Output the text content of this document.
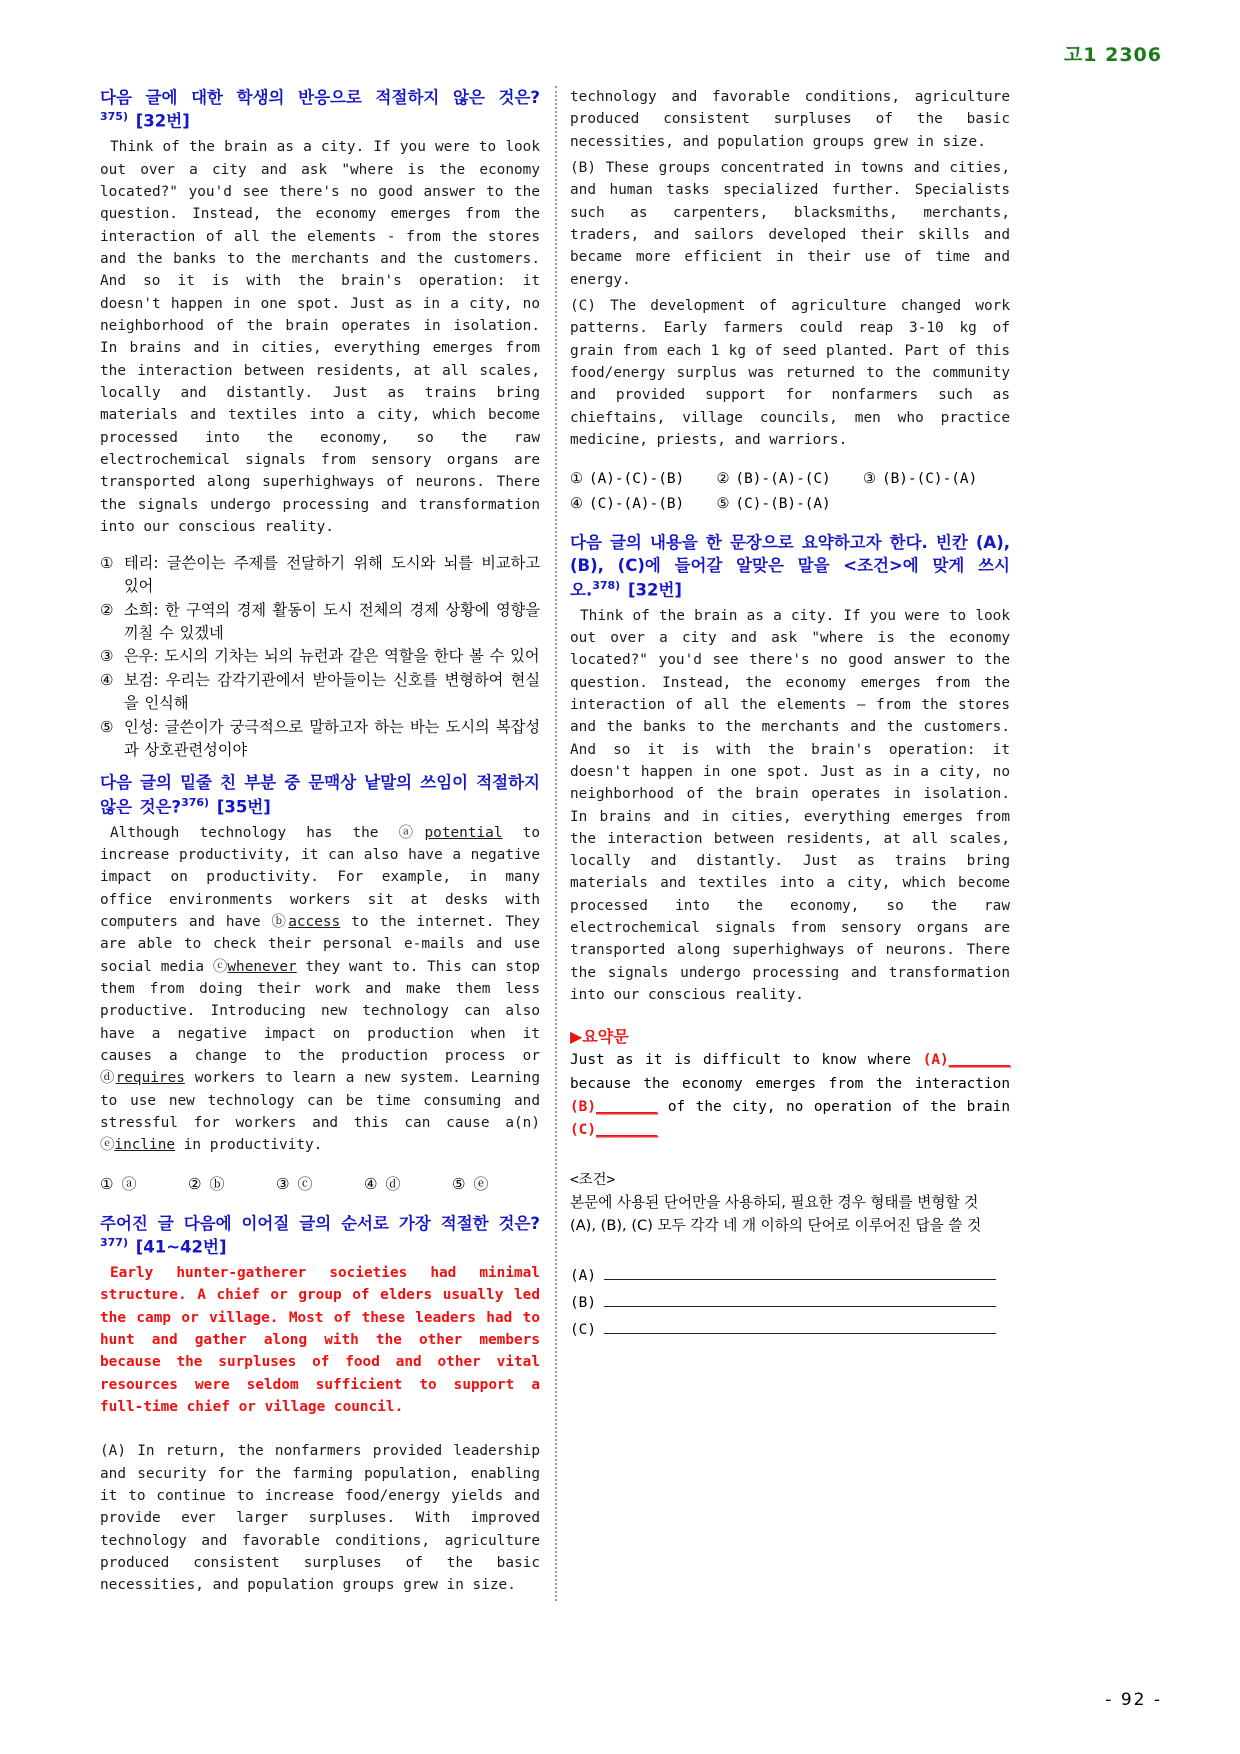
고1 2306
다음 글에 대한 학생의 반응으로 적절하지 않은 것은?$^{375)}$ [32번]

Think of the brain as a city. If you were to look out over a city and ask "where is the economy located?" you'd see there's no good answer to the question. Instead, the economy emerges from the interaction of all the elements - from the stores and the banks to the merchants and the customers. And so it is with the brain's operation: it doesn't happen in one spot. Just as in a city, no neighborhood of the brain operates in isolation. In brains and in cities, everything emerges from the interaction between residents, at all scales, locally and distantly. Just as trains bring materials and textiles into a city, which become processed into the economy, so the raw electrochemical signals from sensory organs are transported along superhighways of neurons. There the signals undergo processing and transformation into our conscious reality.

① 테리: 글쓴이는 주제를 전달하기 위해 도시와 뇌를 비교하고 있어
② 소희: 한 구역의 경제 활동이 도시 전체의 경제 상황에 영향을 끼칠 수 있겠네
③ 은우: 도시의 기차는 뇌의 뉴런과 같은 역할을 한다 볼 수 있어
④ 보검: 우리는 감각기관에서 받아들이는 신호를 변형하여 현실을 인식해
⑤ 인성: 글쓴이가 궁극적으로 말하고자 하는 바는 도시의 복잡성과 상호관련성이야
다음 글의 밑줄 친 부분 중 문맥상 낱말의 쓰임이 적절하지 않은 것은?$^{376)}$ [35번]

Although technology has the ⓐpotential to increase productivity, it can also have a negative impact on productivity. For example, in many office environments workers sit at desks with computers and have ⓑaccess to the internet. They are able to check their personal e-mails and use social media ⓒwhenever they want to. This can stop them from doing their work and make them less productive. Introducing new technology can also have a negative impact on production when it causes a change to the production process or ⓓrequires workers to learn a new system. Learning to use new technology can be time consuming and stressful for workers and this can cause a(n) ⓔincline in productivity.

① ⓐ	② ⓑ	③ ⓒ	④ ⓓ	⑤ ⓔ
주어진 글 다음에 이어질 글의 순서로 가장 적절한 것은?$^{377)}$ [41~42번]

Early hunter-gatherer societies had minimal structure. A chief or group of elders usually led the camp or village. Most of these leaders had to hunt and gather along with the other members because the surpluses of food and other vital resources were seldom sufficient to support a full-time chief or village council.

(A) In return, the nonfarmers provided leadership and security for the farming population, enabling it to continue to increase food/energy yields and provide ever larger surpluses. With improved technology and favorable conditions, agriculture produced consistent surpluses of the basic necessities, and population groups grew in size.

technology and favorable conditions, agriculture produced consistent surpluses of the basic necessities, and population groups grew in size.

(B) These groups concentrated in towns and cities, and human tasks specialized further. Specialists such as carpenters, blacksmiths, merchants, traders, and sailors developed their skills and became more efficient in their use of time and energy.

(C) The development of agriculture changed work patterns. Early farmers could reap 3-10 kg of grain from each 1 kg of seed planted. Part of this food/energy surplus was returned to the community and provided support for nonfarmers such as chieftains, village councils, men who practice medicine, priests, and warriors.

① (A)-(C)-(B)	② (B)-(A)-(C)	③ (B)-(C)-(A)
④ (C)-(A)-(B)	⑤ (C)-(B)-(A)
다음 글의 내용을 한 문장으로 요약하고자 한다. 빈칸 (A), (B), (C)에 들어갈 알맞은 말을 <조건>에 맞게 쓰시오.$^{378)}$ [32번]

Think of the brain as a city. If you were to look out over a city and ask "where is the economy located?" you'd see there's no good answer to the question. Instead, the economy emerges from the interaction of all the elements — from the stores and the banks to the merchants and the customers. And so it is with the brain's operation: it doesn't happen in one spot. Just as in a city, no neighborhood of the brain operates in isolation. In brains and in cities, everything emerges from the interaction between residents, at all scales, locally and distantly. Just as trains bring materials and textiles into a city, which become processed into the economy, so the raw electrochemical signals from sensory organs are transported along superhighways of neurons. There the signals undergo processing and transformation into our conscious reality.

▶요약문

Just as it is difficult to know where (A)________ because the economy emerges from the interaction (B)________ of the city, no operation of the brain (C)________

<조건>

본문에 사용된 단어만을 사용하되, 필요한 경우 형태를 변형할 것

(A), (B), (C) 모두 각각 네 개 이하의 단어로 이루어진 답을 쓸 것

(A)
(B)
(C)
- 92 -
